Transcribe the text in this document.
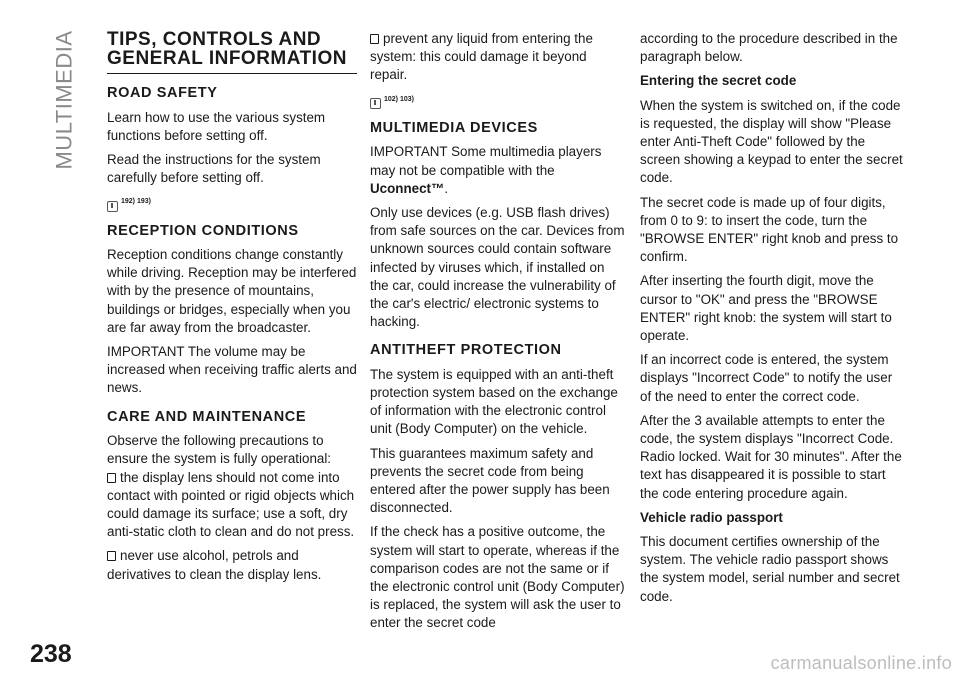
MULTIMEDIA TIPS, CONTROLS AND GENERAL INFORMATION
ROAD SAFETY

Learn how to use the various system functions before setting off.

Read the instructions for the system carefully before setting off.

192) 193)
RECEPTION CONDITIONS

Reception conditions change constantly while driving. Reception may be interfered with by the presence of mountains, buildings or bridges, especially when you are far away from the broadcaster.

IMPORTANT The volume may be increased when receiving traffic alerts and news.

CARE AND MAINTENANCE

Observe the following precautions to ensure the system is fully operational:

the display lens should not come into contact with pointed or rigid objects which could damage its surface; use a soft, dry anti-static cloth to clean and do not press.

never use alcohol, petrols and derivatives to clean the display lens.

prevent any liquid from entering the system: this could damage it beyond repair.

102) 103)
MULTIMEDIA DEVICES

IMPORTANT Some multimedia players may not be compatible with the Uconnect™.

Only use devices (e.g. USB flash drives) from safe sources on the car. Devices from unknown sources could contain software infected by viruses which, if installed on the car, could increase the vulnerability of the car's electric/ electronic systems to hacking.

ANTITHEFT PROTECTION

The system is equipped with an anti-theft protection system based on the exchange of information with the electronic control unit (Body Computer) on the vehicle.

This guarantees maximum safety and prevents the secret code from being entered after the power supply has been disconnected.

If the check has a positive outcome, the system will start to operate, whereas if the comparison codes are not the same or if the electronic control unit (Body Computer) is replaced, the system will ask the user to enter the secret code

according to the procedure described in the paragraph below.

Entering the secret code

When the system is switched on, if the code is requested, the display will show "Please enter Anti-Theft Code" followed by the screen showing a keypad to enter the secret code.

The secret code is made up of four digits, from 0 to 9: to insert the code, turn the "BROWSE ENTER" right knob and press to confirm.

After inserting the fourth digit, move the cursor to "OK" and press the "BROWSE ENTER" right knob: the system will start to operate.

If an incorrect code is entered, the system displays "Incorrect Code" to notify the user of the need to enter the correct code.

After the 3 available attempts to enter the code, the system displays "Incorrect Code. Radio locked. Wait for 30 minutes". After the text has disappeared it is possible to start the code entering procedure again.

Vehicle radio passport

This document certifies ownership of the system. The vehicle radio passport shows the system model, serial number and secret code.

238	carmanualsonline.info
